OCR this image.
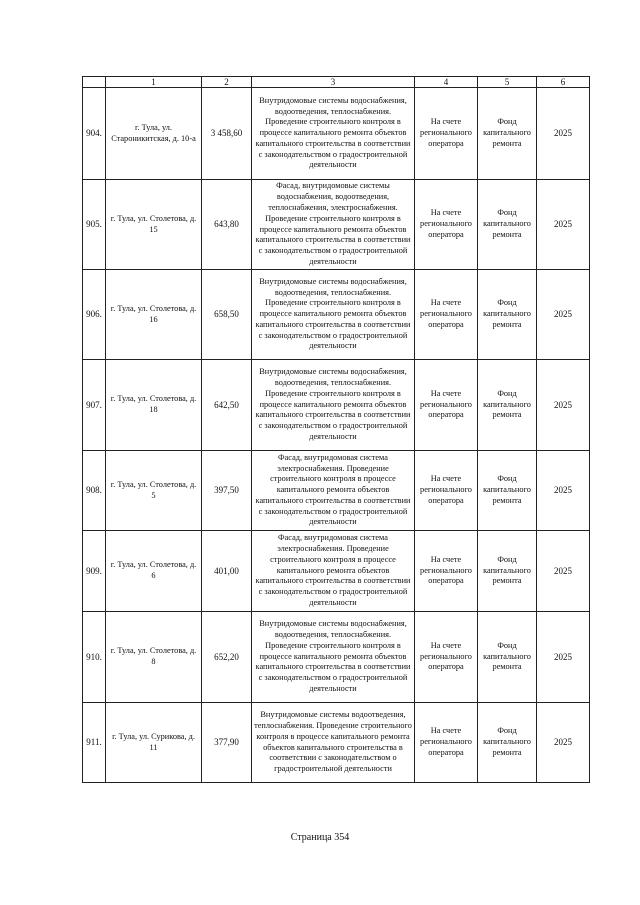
	1	2	3	4	5	6
904.	г. Тула, ул. Староникитская, д. 10-а	3 458,60	Внутридомовые системы водоснабжения, водоотведения, теплоснабжения. Проведение строительного контроля в процессе капитального ремонта объектов капитального строительства в соответствии с законодательством о градостроительной деятельности	На счете регионального оператора	Фонд капитального ремонта	2025
905.	г. Тула, ул. Столетова, д. 15	643,80	Фасад, внутридомовые системы водоснабжения, водоотведения, теплоснабжения, электроснабжения. Проведение строительного контроля в процессе капитального ремонта объектов капитального строительства в соответствии с законодательством о градостроительной деятельности	На счете регионального оператора	Фонд капитального ремонта	2025
906.	г. Тула, ул. Столетова, д. 16	658,50	Внутридомовые системы водоснабжения, водоотведения, теплоснабжения. Проведение строительного контроля в процессе капитального ремонта объектов капитального строительства в соответствии с законодательством о градостроительной деятельности	На счете регионального оператора	Фонд капитального ремонта	2025
907.	г. Тула, ул. Столетова, д. 18	642,50	Внутридомовые системы водоснабжения, водоотведения, теплоснабжения. Проведение строительного контроля в процессе капитального ремонта объектов капитального строительства в соответствии с законодательством о градостроительной деятельности	На счете регионального оператора	Фонд капитального ремонта	2025
908.	г. Тула, ул. Столетова, д. 5	397,50	Фасад, внутридомовая система электроснабжения. Проведение строительного контроля в процессе капитального ремонта объектов капитального строительства в соответствии с законодательством о градостроительной деятельности	На счете регионального оператора	Фонд капитального ремонта	2025
909.	г. Тула, ул. Столетова, д. 6	401,00	Фасад, внутридомовая система электроснабжения. Проведение строительного контроля в процессе капитального ремонта объектов капитального строительства в соответствии с законодательством о градостроительной деятельности	На счете регионального оператора	Фонд капитального ремонта	2025
910.	г. Тула, ул. Столетова, д. 8	652,20	Внутридомовые системы водоснабжения, водоотведения, теплоснабжения. Проведение строительного контроля в процессе капитального ремонта объектов капитального строительства в соответствии с законодательством о градостроительной деятельности	На счете регионального оператора	Фонд капитального ремонта	2025
911.	г. Тула, ул. Сурикова, д. 11	377,90	Внутридомовые системы водоотведения, теплоснабжения. Проведение строительного контроля в процессе капитального ремонта объектов капитального строительства в соответствии с законодательством о градостроительной деятельности	На счете регионального оператора	Фонд капитального ремонта	2025
Страница 354
